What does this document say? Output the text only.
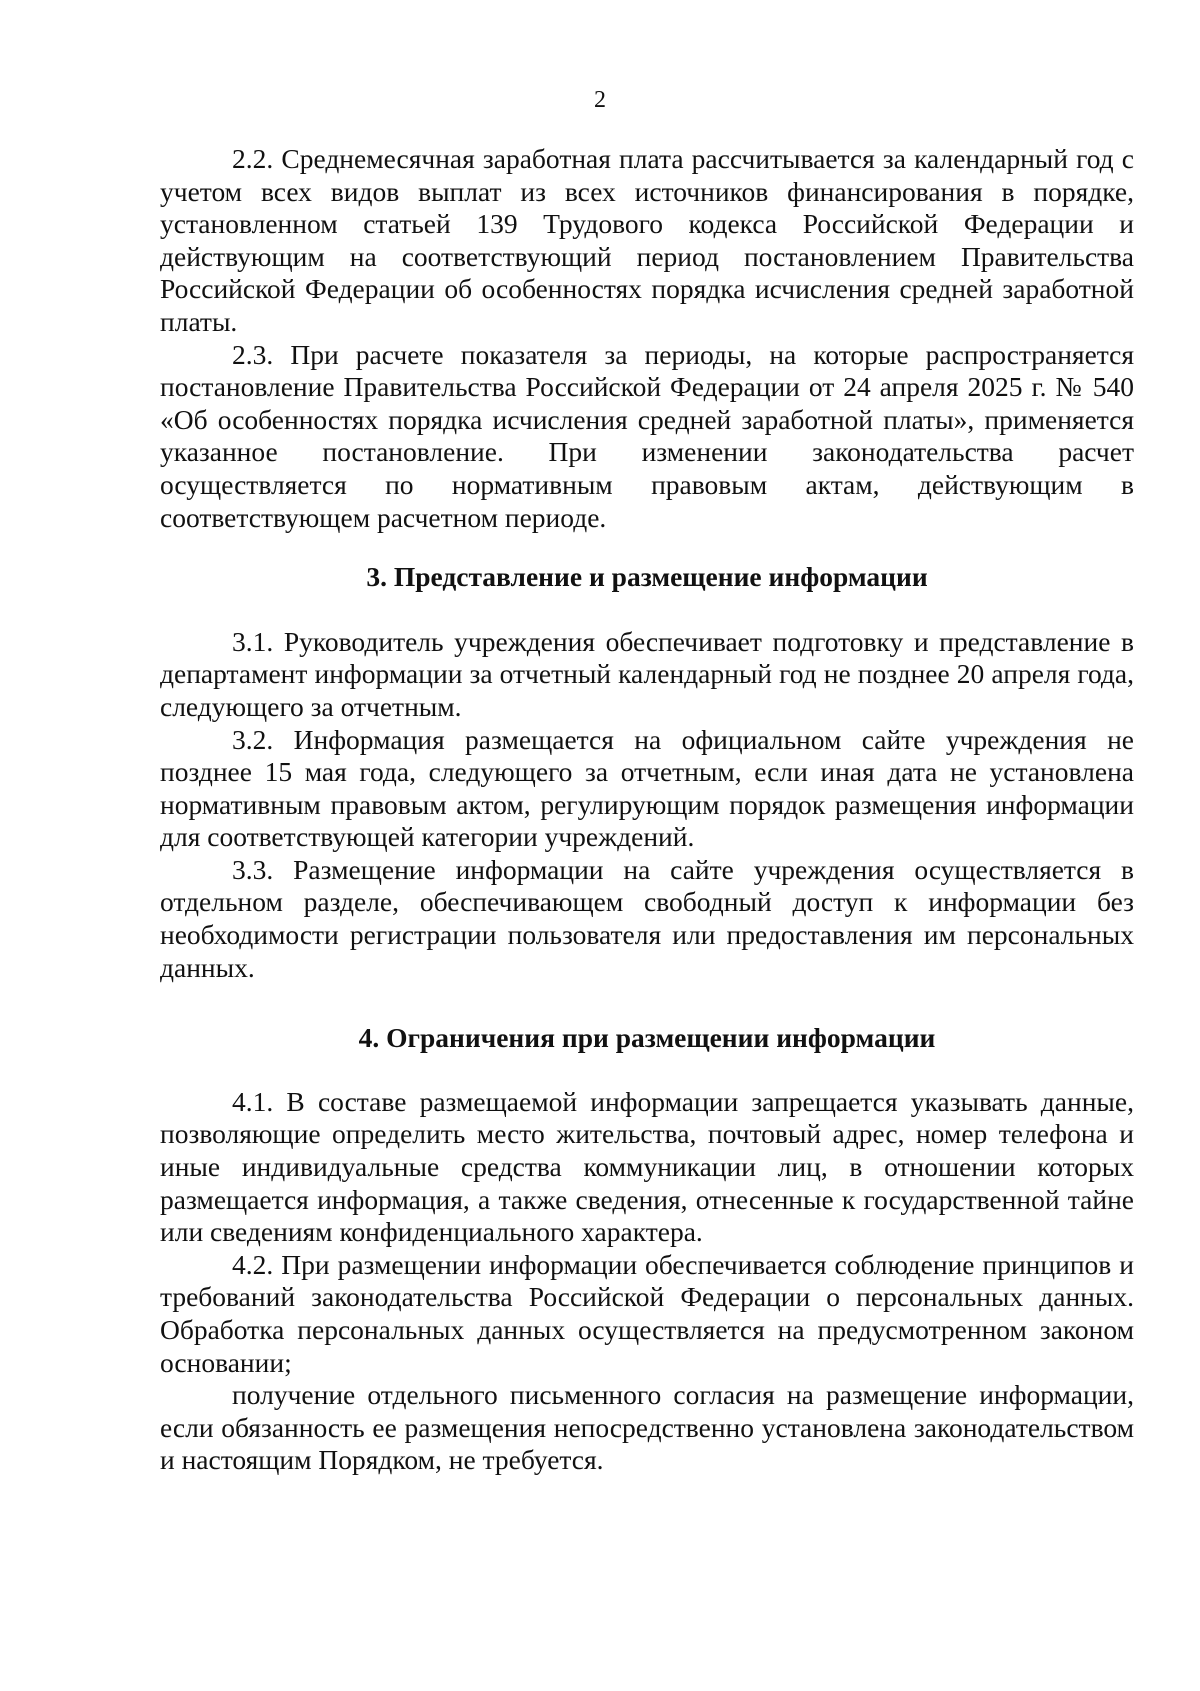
2

2.2. Среднемесячная заработная плата рассчитывается за календарный год с учетом всех видов выплат из всех источников финансирования в порядке, установленном статьей 139 Трудового кодекса Российской Федерации и действующим на соответствующий период постановлением Правительства Российской Федерации об особенностях порядка исчисления средней заработной платы.

2.3. При расчете показателя за периоды, на которые распространяется постановление Правительства Российской Федерации от 24 апреля 2025 г. № 540 «Об особенностях порядка исчисления средней заработной платы», применяется указанное постановление. При изменении законодательства расчет осуществляется по нормативным правовым актам, действующим в соответствующем расчетном периоде.

3. Представление и размещение информации

3.1. Руководитель учреждения обеспечивает подготовку и представление в департамент информации за отчетный календарный год не позднее 20 апреля года, следующего за отчетным.

3.2. Информация размещается на официальном сайте учреждения не позднее 15 мая года, следующего за отчетным, если иная дата не установлена нормативным правовым актом, регулирующим порядок размещения информации для соответствующей категории учреждений.

3.3. Размещение информации на сайте учреждения осуществляется в отдельном разделе, обеспечивающем свободный доступ к информации без необходимости регистрации пользователя или предоставления им персональных данных.

4. Ограничения при размещении информации

4.1. В составе размещаемой информации запрещается указывать данные, позволяющие определить место жительства, почтовый адрес, номер телефона и иные индивидуальные средства коммуникации лиц, в отношении которых размещается информация, а также сведения, отнесенные к государственной тайне или сведениям конфиденциального характера.

4.2. При размещении информации обеспечивается соблюдение принципов и требований законодательства Российской Федерации о персональных данных. Обработка персональных данных осуществляется на предусмотренном законом основании;

получение отдельного письменного согласия на размещение информации, если обязанность ее размещения непосредственно установлена законодательством и настоящим Порядком, не требуется.
